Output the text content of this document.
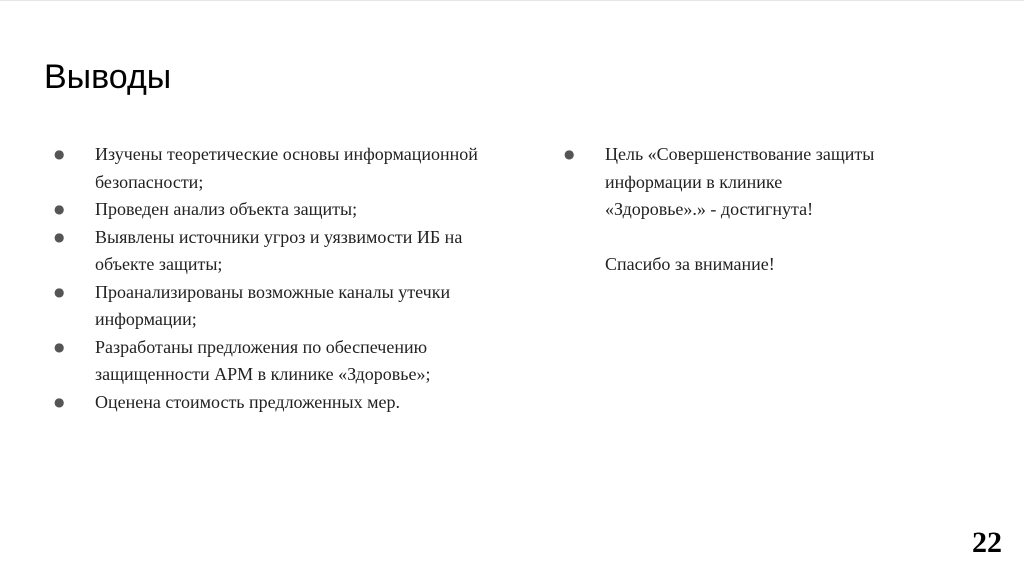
Выводы
● Изучены теоретические основы информационной безопасности;
● Проведен анализ объекта защиты;
● Выявлены источники угроз и уязвимости ИБ на объекте защиты;
● Проанализированы возможные каналы утечки информации;
● Разработаны предложения по обеспечению защищенности АРМ в клинике «Здоровье»;
● Оценена стоимость предложенных мер.
● Цель «Совершенствование защиты информации в клинике «Здоровье».» - достигнута!
Спасибо за внимание!
22
